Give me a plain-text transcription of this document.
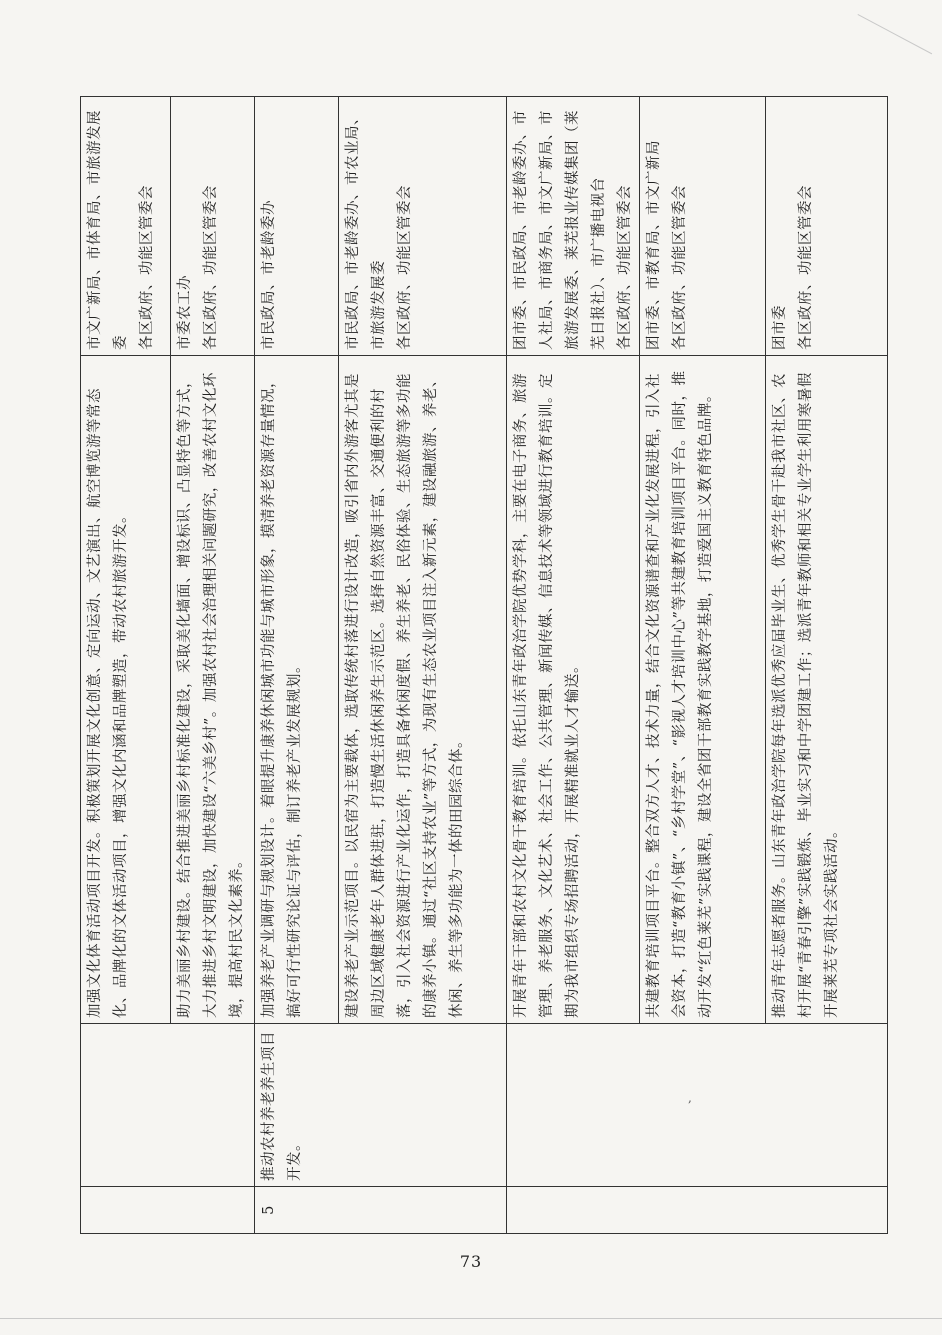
		加强文化体育活动项目开发。积极策划开展文化创意、定向运动、文艺演出、航空博览游等常态化、品牌化的文体活动项目，增强文化内涵和品牌塑造，带动农村旅游开发。	市文广新局、市体育局、市旅游发展委
各区政府、功能区管委会
		助力美丽乡村建设。结合推进美丽乡村标准化建设，采取美化墙面、增设标识、凸显特色等方式，大力推进乡村文明建设，加快建设“六美乡村”。加强农村社会治理相关问题研究，改善农村文化环境，提高村民文化素养。	市委农工办
各区政府、功能区管委会
5	推动农村养老养生项目开发。	加强养老产业调研与规划设计。着眼提升康养休闲城市功能与城市形象，摸清养老资源存量情况，搞好可行性研究论证与评估，制订养老产业发展规划。	市民政局、市老龄委办
		建设养老产业示范项目。以民宿为主要载体，选取传统村落进行设计改造，吸引省内外游客尤其是周边区域健康老年人群体进驻，打造慢生活休闲养生示范区。选择自然资源丰富、交通便利的村落，引入社会资源进行产业化运作，打造具备休闲度假、养生养老、民俗体验、生态旅游等多功能的康养小镇。通过“社区支持农业”等方式，为现有生态农业项目注入新元素，建设融旅游、养老、休闲、养生等多功能为一体的田园综合体。	市民政局、市老龄委办、市农业局、市旅游发展委
各区政府、功能区管委会
		开展青年干部和农村文化骨干教育培训。依托山东青年政治学院优势学科，主要在电子商务、旅游管理、养老服务、文化艺术、社会工作、公共管理、新闻传媒、信息技术等领域进行教育培训。定期为我市组织专场招聘活动，开展精准就业人才输送。	团市委、市民政局、市老龄委办、市人社局、市商务局、市文广新局、市旅游发展委、莱芜报业传媒集团（莱芜日报社）、市广播电视台
各区政府、功能区管委会
		共建教育培训项目平台。整合双方人才、技术力量，结合文化资源谱查和产业化发展进程，引入社会资本，打造“教育小镇”、“乡村学堂”、“影视人才培训中心”等共建教育培训项目平台。同时，推动开发“红色莱芜”实践课程，建设全省团干部教育实践教学基地，打造爱国主义教育特色品牌。	团市委、市教育局、市文广新局
各区政府、功能区管委会
		推动青年志愿者服务。山东青年政治学院每年选派优秀应届毕业生、优秀学生骨干赴我市社区、农村开展“青春引擎”实践锻炼、毕业实习和中学团建工作；选派青年教师和相关专业学生利用寒暑假开展莱芜专项社会实践活动。	团市委
各区政府、功能区管委会
,
73
